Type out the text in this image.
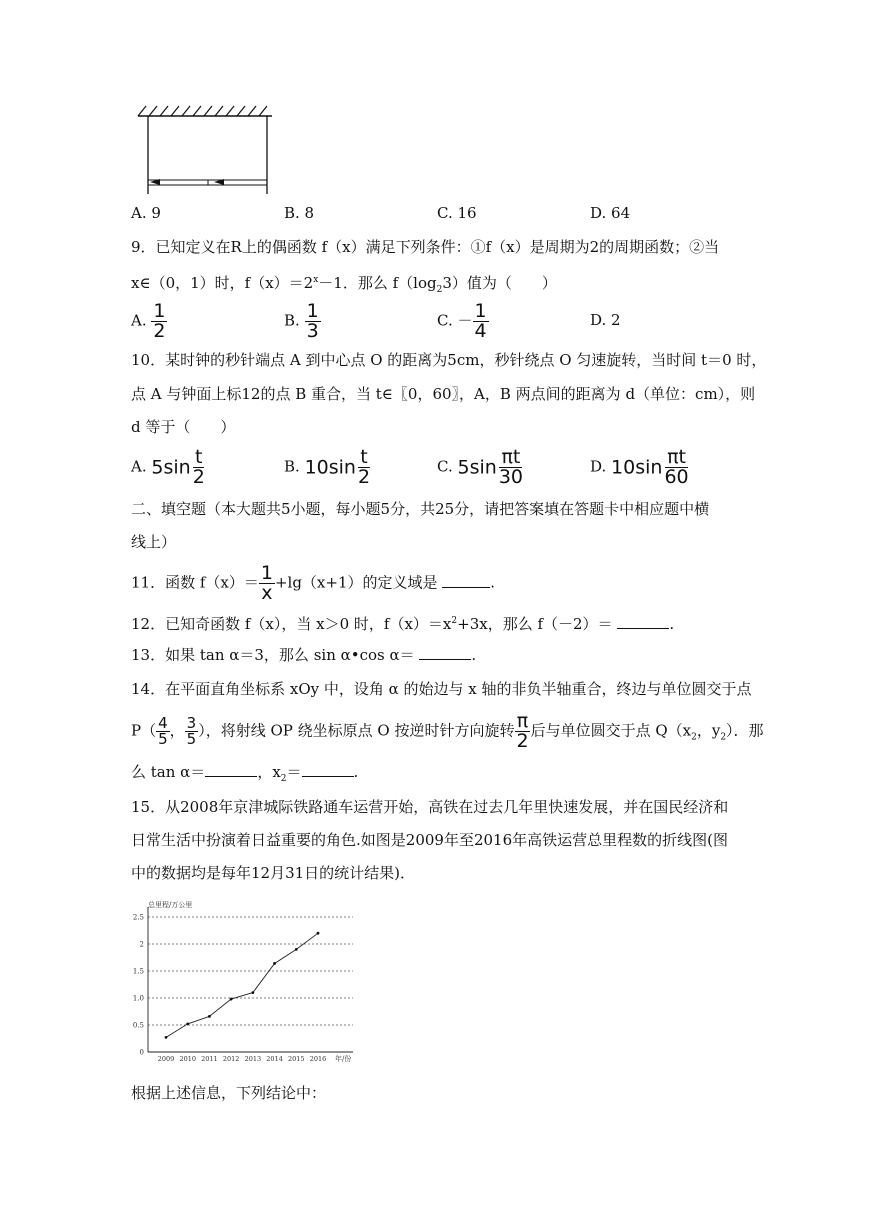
A. 9	B. 8	C. 16	D. 64
9．已知定义在R上的偶函数 f（x）满足下列条件：①f（x）是周期为2的周期函数；②当
x∈（0，1）时，$f(x)=2^x-1$．那么 $f(\log_23)$值为（　　）
A. $\frac{1}{2}$	B. $\frac{1}{3}$	C. － $\frac{1}{4}$	D. 2
10．某时钟的秒针端点 A 到中心点 O 的距离为5cm，秒针绕点 O 匀速旋转，当时间 t＝0 时，
点 A 与钟面上标12的点 B 重合，当 t∈〖0，60〗，A，B 两点间的距离为 d（单位：cm），则
d 等于（　　）
A. $5\sin \frac{t}{2}$	B. $10\sin \frac{t}{2}$	C. $5\sin \frac{\pi t}{30}$	D. $10\sin \frac{\pi t}{60}$
二、填空题（本大题共5小题，每小题5分，共25分，请把答案填在答题卡中相应题中横
线上）
11．函数 $f(x)= \frac{1}{x} +\lg(x+1)$的定义域是	.
12．已知奇函数 f（x），当 x＞0 时，$f(x)=x^2+3x$，那么 f（－2）＝	.
13．如果 tan α＝3，那么 sin α•cos α＝	.
14．在平面直角坐标系 xOy 中，设角 α 的始边与 x 轴的非负半轴重合，终边与单位圆交于点
$P( \frac{4}{5}$ ， $\frac{3}{5}$ ），将射线 OP 绕坐标原点 O 按逆时针方向旋转 $\frac{\pi}{2}$ 后与单位圆交于点 $Q(x_2$，$y_2$）．那
么 tan α＝	，$x_2=$	.
15．从2008年京津城际铁路通车运营开始，高铁在过去几年里快速发展，并在国民经济和
日常生活中扮演着日益重要的角色.如图是2009年至2016年高铁运营总里程数的折线图(图
中的数据均是每年12月31日的统计结果)．
0
0.5
1.0
1.5
2
2.5
2009 2010 2011 2012 2013 2014 2015 2016
总里程/万公里
年/份
根据上述信息，下列结论中：
